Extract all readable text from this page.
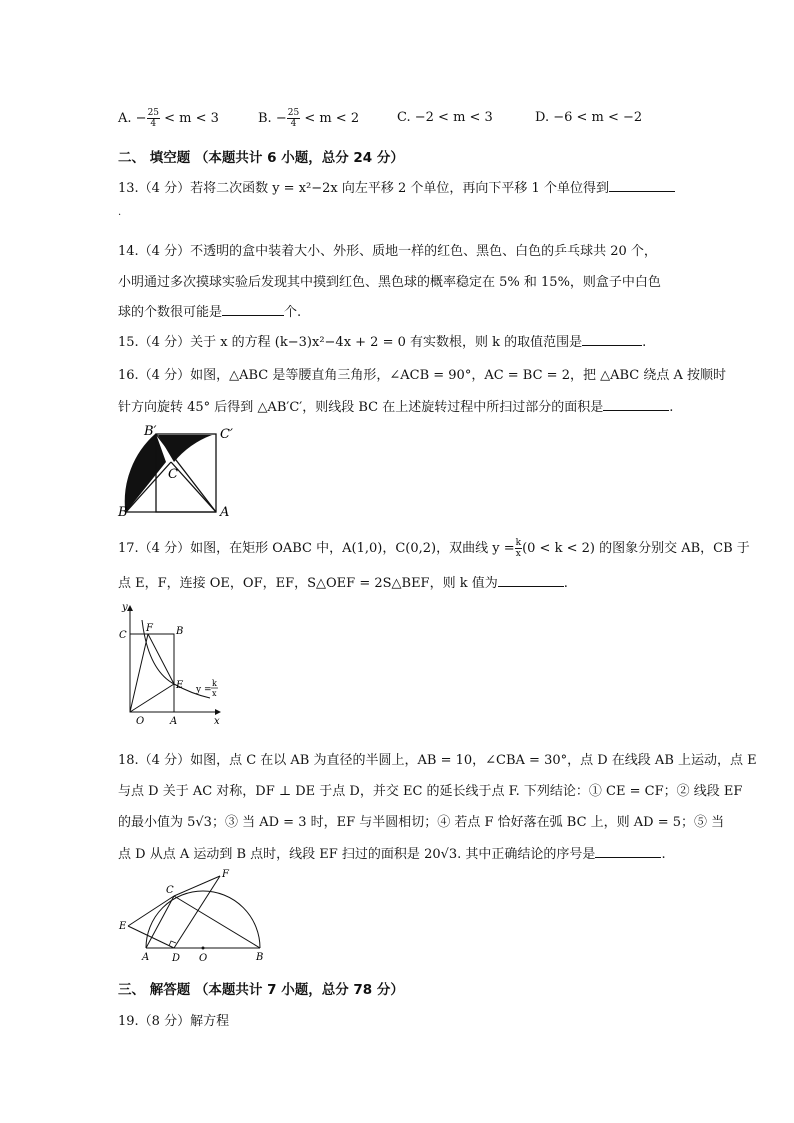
A. − $\frac{25}{4} < m < 3$	B. − $\frac{25}{4} < m < 2$	C. −2 < m < 3	D. −6 < m < −2
二、 填空题 （本题共计 6 小题，总分 24 分）
13.（4 分）若将二次函数 y = x²−2x 向左平移 2 个单位，再向下平移 1 个单位得到
.
14.（4 分）不透明的盒中装着大小、外形、质地一样的红色、黑色、白色的乒乓球共 20 个，
小明通过多次摸球实验后发现其中摸到红色、黑色球的概率稳定在 5% 和 15%，则盒子中白色
球的个数很可能是	个.
15.（4 分）关于 x 的方程 (k−3)x²−4x + 2 = 0 有实数根，则 k 的取值范围是	.
16.（4 分）如图，△ABC 是等腰直角三角形，∠ACB = 90°，AC = BC = 2，把 △ABC 绕点 A 按顺时
针方向旋转 45° 后得到 △AB′C′，则线段 BC 在上述旋转过程中所扫过部分的面积是	.
B′	C′
C
B	A
17.（4 分）如图，在矩形 OABC 中，A(1,0)，C(0,2)，双曲线 $y = \frac{k}{x} (0 < k < 2)$ 的图象分别交 AB，CB 于
点 E，F，连接 OE，OF，EF，S△OEF = 2S△BEF，则 k 值为	.
y
x
C
F B
E
O	A
y =
k
x
18.（4 分）如图，点 C 在以 AB 为直径的半圆上，AB = 10，∠CBA = 30°，点 D 在线段 AB 上运动，点 E
与点 D 关于 AC 对称，DF ⊥ DE 于点 D，并交 EC 的延长线于点 F. 下列结论：① CE = CF；② 线段 EF
的最小值为 5√3；③ 当 AD = 3 时，EF 与半圆相切；④ 若点 F 恰好落在弧 BC 上，则 AD = 5；⑤ 当
点 D 从点 A 运动到 B 点时，线段 EF 扫过的面积是 20√3. 其中正确结论的序号是	.
F
C
E
A D O	B
三、 解答题 （本题共计 7 小题，总分 78 分）
19.（8 分）解方程
